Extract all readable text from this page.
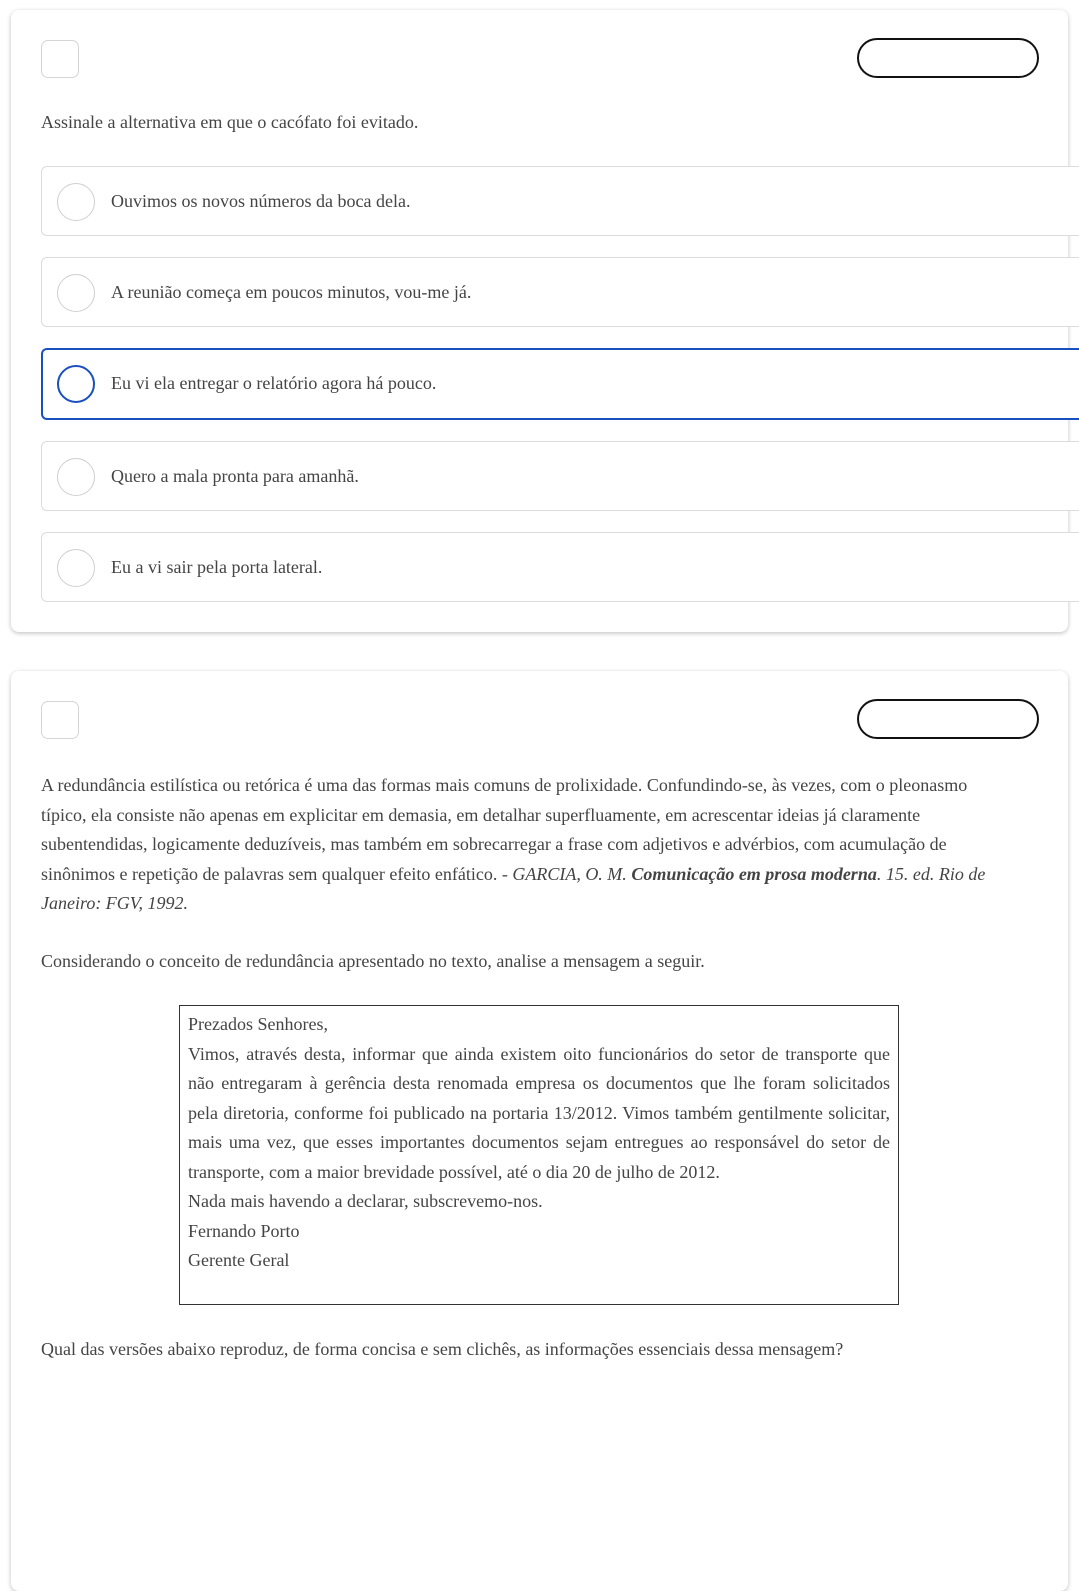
Assinale a alternativa em que o cacófato foi evitado.

Ouvimos os novos números da boca dela.
A reunião começa em poucos minutos, vou-me já.
Eu vi ela entregar o relatório agora há pouco.
Quero a mala pronta para amanhã.
Eu a vi sair pela porta lateral.

A redundância estilística ou retórica é uma das formas mais comuns de prolixidade. Confundindo-se, às vezes, com o pleonasmo típico, ela consiste não apenas em explicitar em demasia, em detalhar superfluamente, em acrescentar ideias já claramente subentendidas, logicamente deduzíveis, mas também em sobrecarregar a frase com adjetivos e advérbios, com acumulação de sinônimos e repetição de palavras sem qualquer efeito enfático. - GARCIA, O. M. Comunicação em prosa moderna. 15. ed. Rio de Janeiro: FGV, 1992.

Considerando o conceito de redundância apresentado no texto, analise a mensagem a seguir.

Prezados Senhores,
Vimos, através desta, informar que ainda existem oito funcionários do setor de transporte que não entregaram à gerência desta renomada empresa os documentos que lhe foram solicitados pela diretoria, conforme foi publicado na portaria 13/2012. Vimos também gentilmente solicitar, mais uma vez, que esses importantes documentos sejam entregues ao responsável do setor de transporte, com a maior brevidade possível, até o dia 20 de julho de 2012.
Nada mais havendo a declarar, subscrevemo-nos.
Fernando Porto
Gerente Geral

Qual das versões abaixo reproduz, de forma concisa e sem clichês, as informações essenciais dessa mensagem?
